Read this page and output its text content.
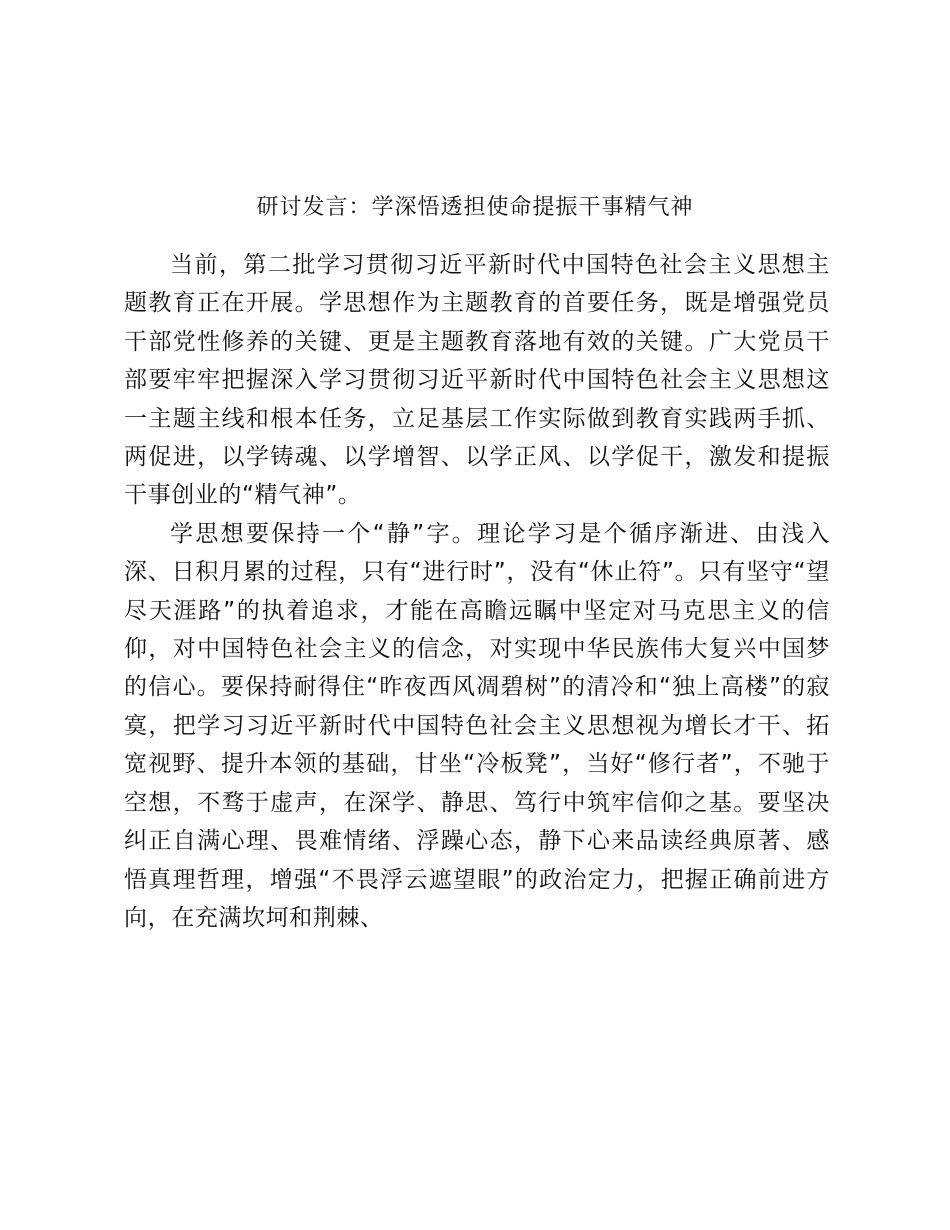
研讨发言：学深悟透担使命提振干事精气神

当前，第二批学习贯彻习近平新时代中国特色社会主义思想主题教育正在开展。学思想作为主题教育的首要任务，既是增强党员干部党性修养的关键、更是主题教育落地有效的关键。广大党员干部要牢牢把握深入学习贯彻习近平新时代中国特色社会主义思想这一主题主线和根本任务，立足基层工作实际做到教育实践两手抓、两促进，以学铸魂、以学增智、以学正风、以学促干，激发和提振干事创业的“精气神”。

学思想要保持一个“静”字。理论学习是个循序渐进、由浅入深、日积月累的过程，只有“进行时”，没有“休止符”。只有坚守“望尽天涯路”的执着追求，才能在高瞻远瞩中坚定对马克思主义的信仰，对中国特色社会主义的信念，对实现中华民族伟大复兴中国梦的信心。要保持耐得住“昨夜西风凋碧树”的清冷和“独上高楼”的寂寞，把学习习近平新时代中国特色社会主义思想视为增长才干、拓宽视野、提升本领的基础，甘坐“冷板凳”，当好“修行者”，不驰于空想，不骛于虚声，在深学、静思、笃行中筑牢信仰之基。要坚决纠正自满心理、畏难情绪、浮躁心态，静下心来品读经典原著、感悟真理哲理，增强“不畏浮云遮望眼”的政治定力，把握正确前进方向，在充满坎坷和荆棘、
